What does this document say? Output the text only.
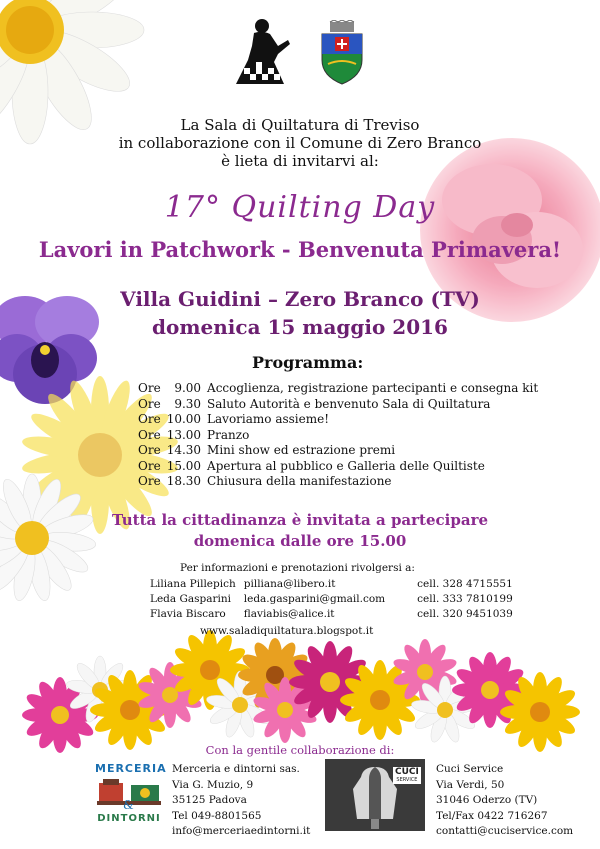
La Sala di Quiltatura di Treviso
in collaborazione con il Comune di Zero Branco
è lieta di invitarvi al:
17° Quilting Day
Lavori in Patchwork - Benvenuta Primavera!
Villa Guidini – Zero Branco (TV)
domenica 15 maggio 2016
Programma:
Ore	9.00	Accoglienza, registrazione partecipanti e consegna kit
Ore	9.30	Saluto Autorità e benvenuto Sala di Quiltatura
Ore	10.00	Lavoriamo assieme!
Ore	13.00	Pranzo
Ore	14.30	Mini show ed estrazione premi
Ore	15.00	Apertura al pubblico e Galleria delle Quiltiste
Ore	18.30	Chiusura della manifestazione
Tutta la cittadinanza è invitata a partecipare
domenica dalle ore 15.00
Per informazioni e prenotazioni rivolgersi a:
Liliana Pillepich	pilliana@libero.it	cell. 328 4715551
Leda Gasparini	leda.gasparini@gmail.com	cell. 333 7810199
Flavia Biscaro	flaviabis@alice.it	cell. 320 9451039
www.saladiquiltatura.blogspot.it
Con la gentile collaborazione di:
MERCERIA
&
DINTORNI
Merceria e dintorni sas.
Via G. Muzio, 9
35125 Padova
Tel 049-8801565
info@merceriaedintorni.it
CUCI
SERVICE
Cuci Service
Via Verdi, 50
31046 Oderzo (TV)
Tel/Fax 0422 716267
contatti@cuciservice.com
